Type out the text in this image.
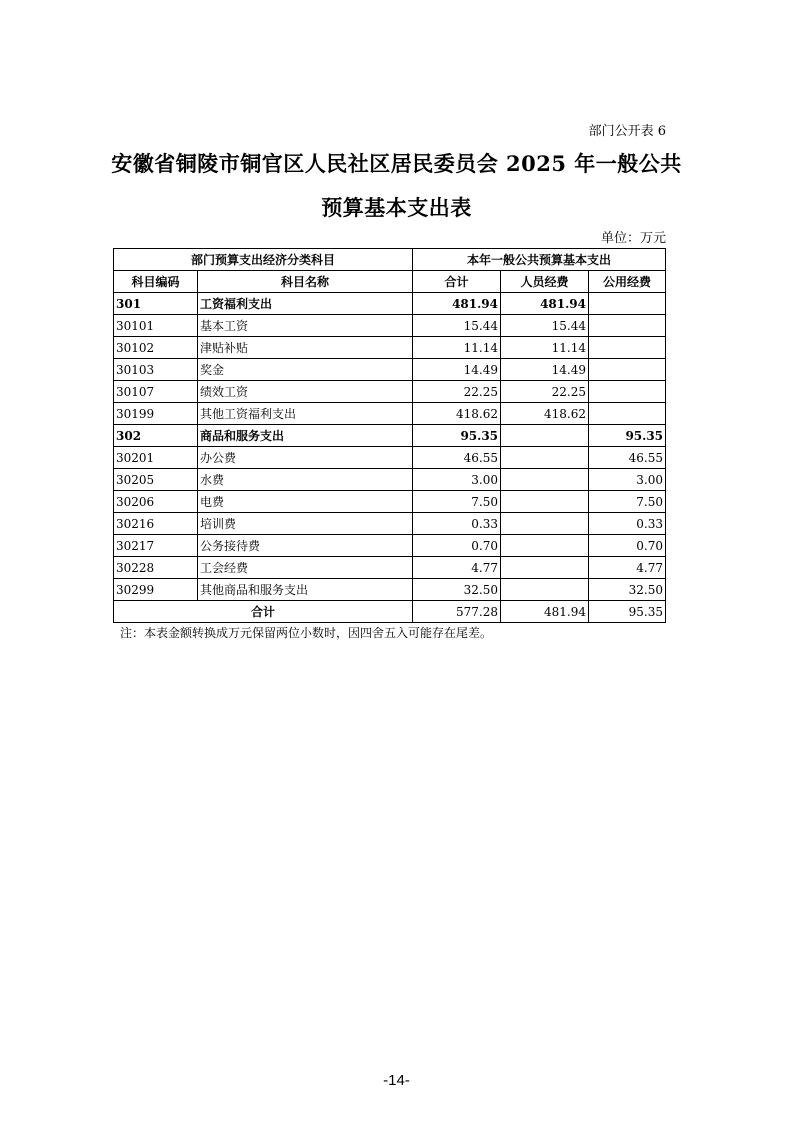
部门公开表 6
安徽省铜陵市铜官区人民社区居民委员会 2025 年一般公共
预算基本支出表
单位：万元
部门预算支出经济分类科目		本年一般公共预算基本支出		
科目编码	科目名称	合计	人员经费	公用经费
301	工资福利支出	481.94	481.94	
30101	基本工资	15.44	15.44	
30102	津贴补贴	11.14	11.14	
30103	奖金	14.49	14.49	
30107	绩效工资	22.25	22.25	
30199	其他工资福利支出	418.62	418.62	
302	商品和服务支出	95.35		95.35
30201	办公费	46.55		46.55
30205	水费	3.00		3.00
30206	电费	7.50		7.50
30216	培训费	0.33		0.33
30217	公务接待费	0.70		0.70
30228	工会经费	4.77		4.77
30299	其他商品和服务支出	32.50		32.50
合计		577.28	481.94	95.35
注：本表金额转换成万元保留两位小数时，因四舍五入可能存在尾差。
-14-
